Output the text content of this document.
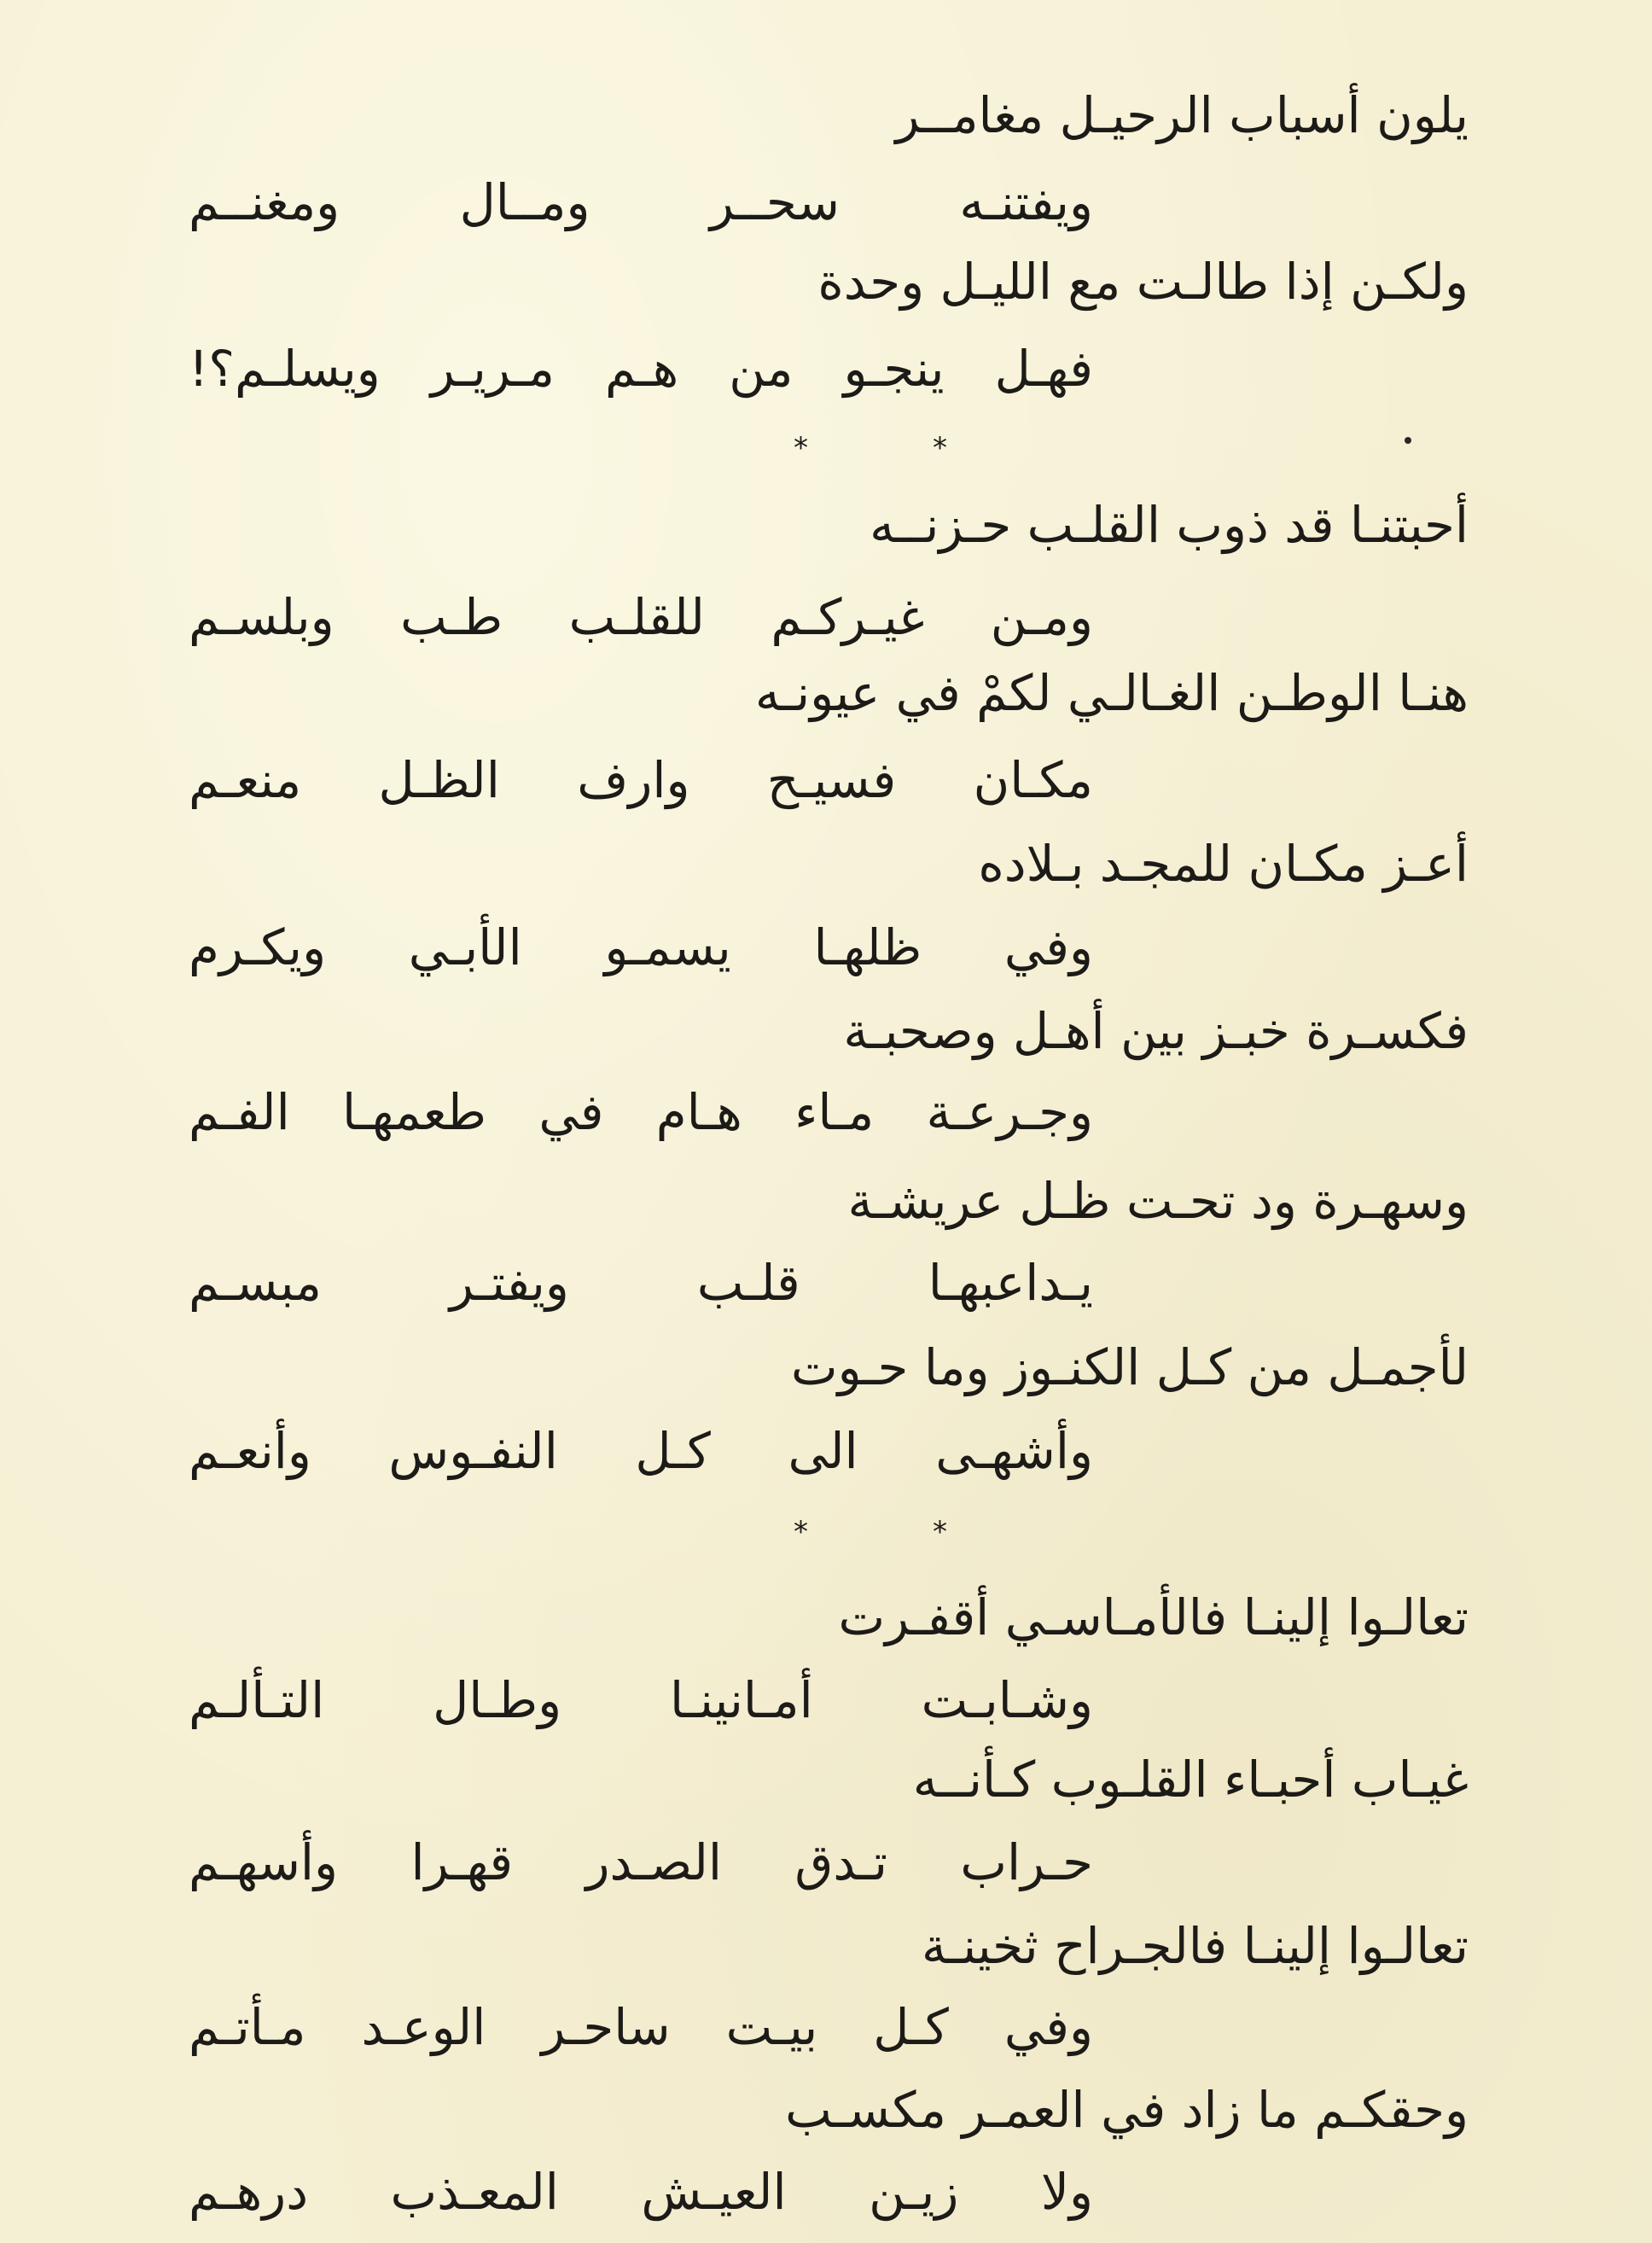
يلون أسباب الرحيـل مغامــر
ويفتنـه سحــر ومــال ومغنــم
ولكـن إذا طالـت مع الليـل وحدة
فهـل ينجـو من هـم مـريـر ويسلـم؟!
*	*
أحبتنـا قد ذوب القلـب حـزنــه
ومـن غيـركـم للقلـب طـب وبلسـم
هنـا الوطـن الغـالـي لكمْ في عيونـه
مكـان فسيـح وارف الظـل منعـم
أعـز مكـان للمجـد بـلاده
وفي ظلهـا يسمـو الأبـي ويكـرم
فكسـرة خبـز بين أهـل وصحبـة
وجـرعـة مـاء هـام في طعمهـا الفـم
وسهـرة ود تحـت ظـل عريشـة
يـداعبهـا قلـب ويفتـر مبسـم
لأجمـل من كـل الكنـوز وما حـوت
وأشهـى الى كـل النفـوس وأنعـم
*	*
تعالـوا إلينـا فالأمـاسـي أقفـرت
وشـابـت أمـانينـا وطـال التـألـم
غيـاب أحبـاء القلـوب كـأنــه
حـراب تـدق الصـدر قهـرا وأسهـم
تعالـوا إلينـا فالجـراح ثخينـة
وفي كـل بيـت ساحـر الوعـد مـأتـم
وحقكـم ما زاد في العمـر مكسـب
ولا زيـن العيـش المعـذب درهـم
